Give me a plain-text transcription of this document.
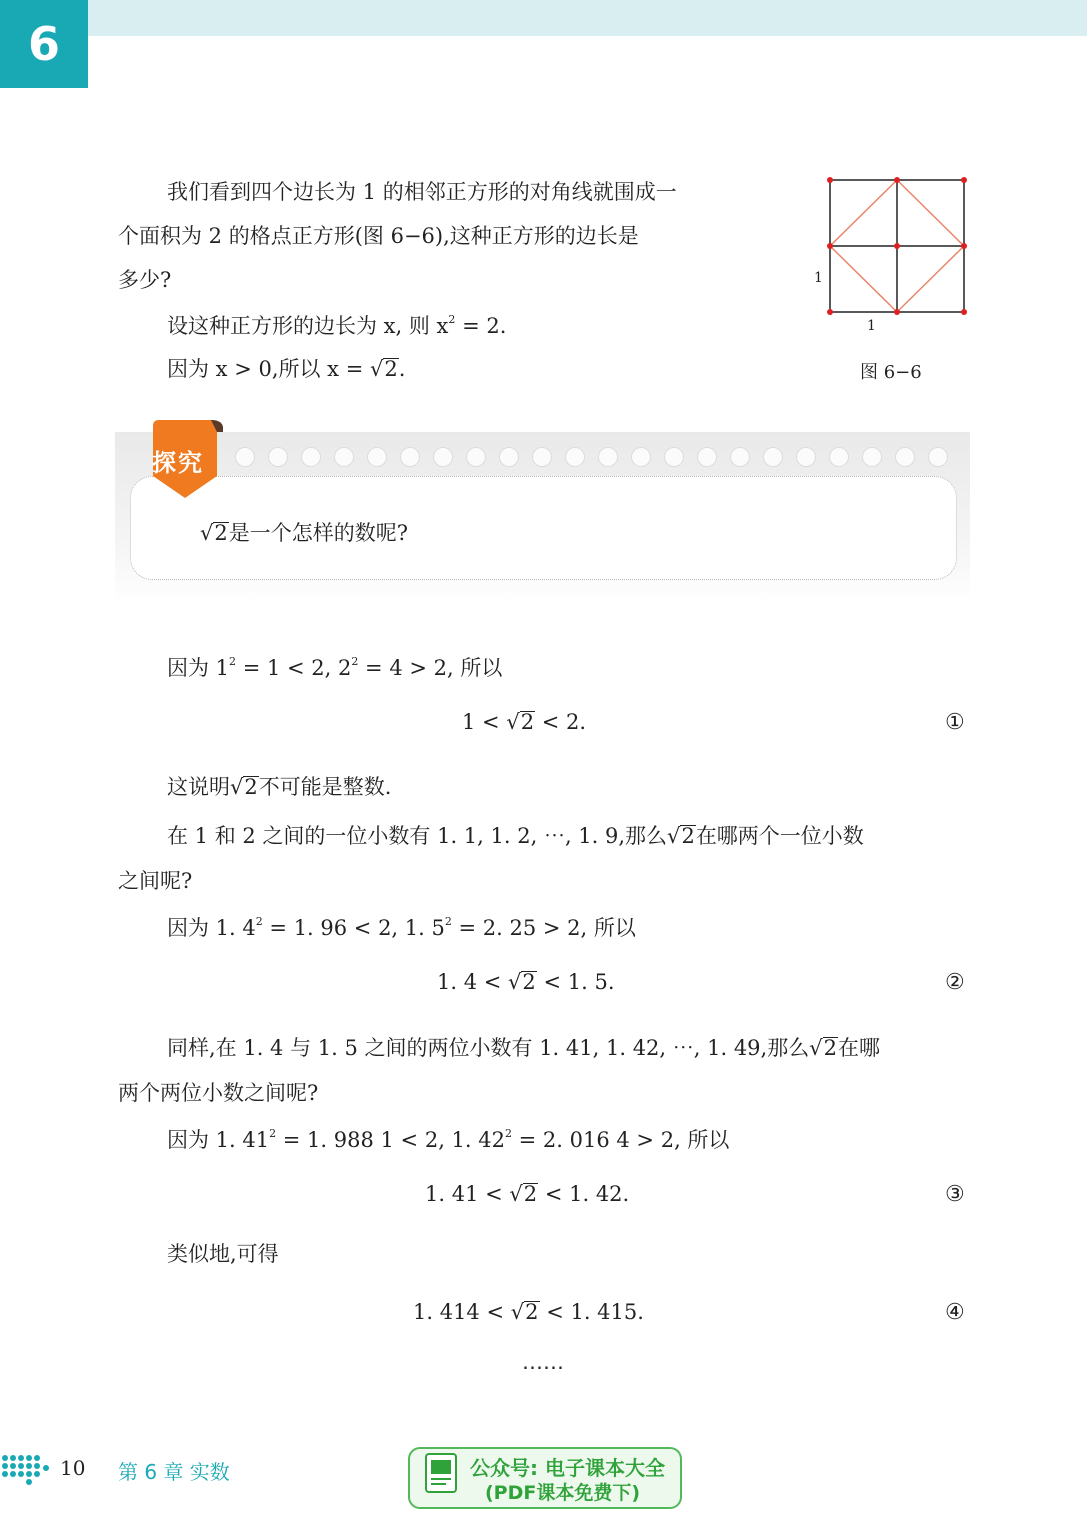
6
我们看到四个边长为 1 的相邻正方形的对角线就围成一
个面积为 2 的格点正方形(图 6−6),这种正方形的边长是
多少?
设这种正方形的边长为 x, 则 $x^2 = 2$.
因为 x > 0,所以 x = √2.
1
1
图 6−6
探究
√2是一个怎样的数呢?
因为 $1^2 = 1 < 2$, $2^2 = 4 > 2$, 所以
1 < √2 < 2.	①
这说明√2不可能是整数.
在 1 和 2 之间的一位小数有 1. 1, 1. 2, ⋯, 1. 9,那么√2在哪两个一位小数
之间呢?
因为 1. $4^2 = 1$. 96 < 2, 1. $5^2 = 2$. 25 > 2, 所以
1. 4 < √2 < 1. 5.	②
同样,在 1. 4 与 1. 5 之间的两位小数有 1. 41, 1. 42, ⋯, 1. 49,那么√2在哪
两个两位小数之间呢?
因为 1. $41^2 = 1$. 988 1 < 2, 1. $42^2 = 2$. 016 4 > 2, 所以
1. 41 < √2 < 1. 42.	③
类似地,可得
1. 414 < √2 < 1. 415.	④
⋯⋯
10 第 6 章 实数	公众号: 电子课本大全
(PDF课本免费下)
